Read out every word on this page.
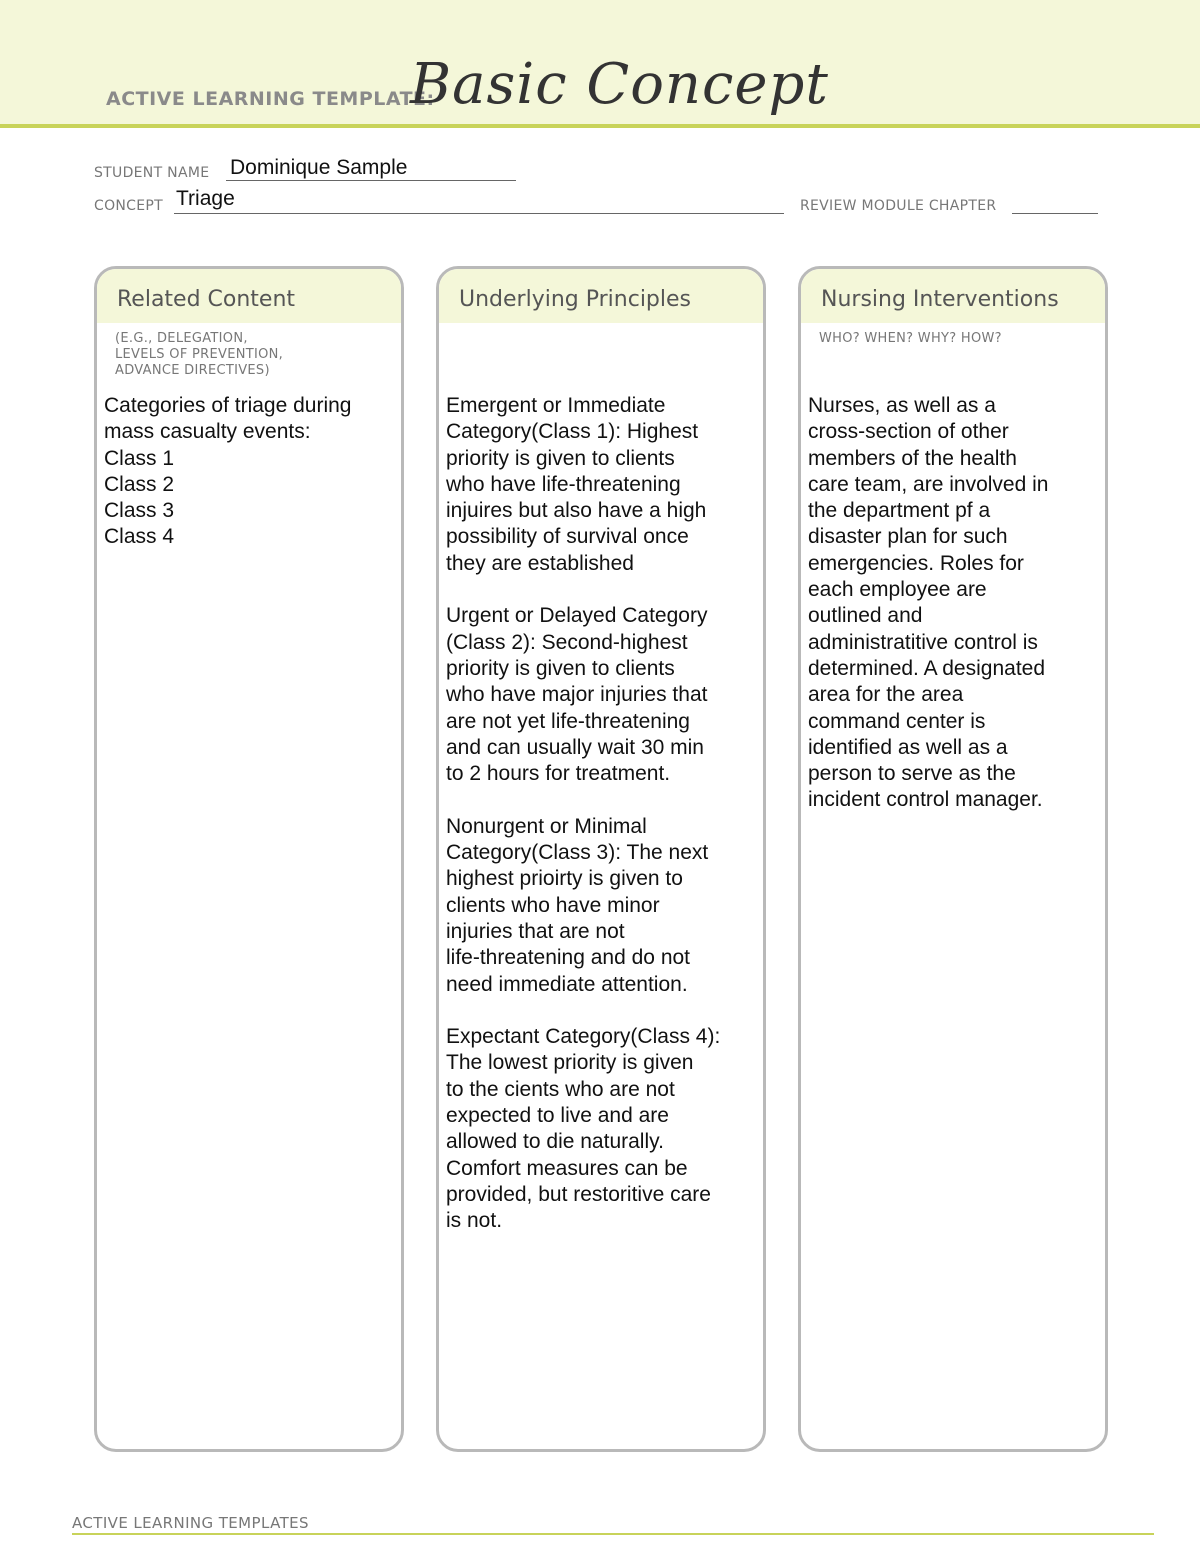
ACTIVE LEARNING TEMPLATE:
Basic Concept
STUDENT NAME Dominique Sample
CONCEPT Triage	REVIEW MODULE CHAPTER
Related Content
(E.G., DELEGATION,
LEVELS OF PREVENTION,
ADVANCE DIRECTIVES)
Categories of triage during
mass casualty events:
Class 1
Class 2
Class 3
Class 4
Underlying Principles
Emergent or Immediate
Category(Class 1): Highest
priority is given to clients
who have life-threatening
injuires but also have a high
possibility of survival once
they are established

Urgent or Delayed Category
(Class 2): Second-highest
priority is given to clients
who have major injuries that
are not yet life-threatening
and can usually wait 30 min
to 2 hours for treatment.

Nonurgent or Minimal
Category(Class 3): The next
highest prioirty is given to
clients who have minor
injuries that are not
life-threatening and do not
need immediate attention.

Expectant Category(Class 4):
The lowest priority is given
to the cients who are not
expected to live and are
allowed to die naturally.
Comfort measures can be
provided, but restoritive care
is not.
Nursing Interventions
WHO? WHEN? WHY? HOW?
Nurses, as well as a
cross-section of other
members of the health
care team, are involved in
the department pf a
disaster plan for such
emergencies. Roles for
each employee are
outlined and
administratitive control is
determined. A designated
area for the area
command center is
identified as well as a
person to serve as the
incident control manager.
ACTIVE LEARNING TEMPLATES
